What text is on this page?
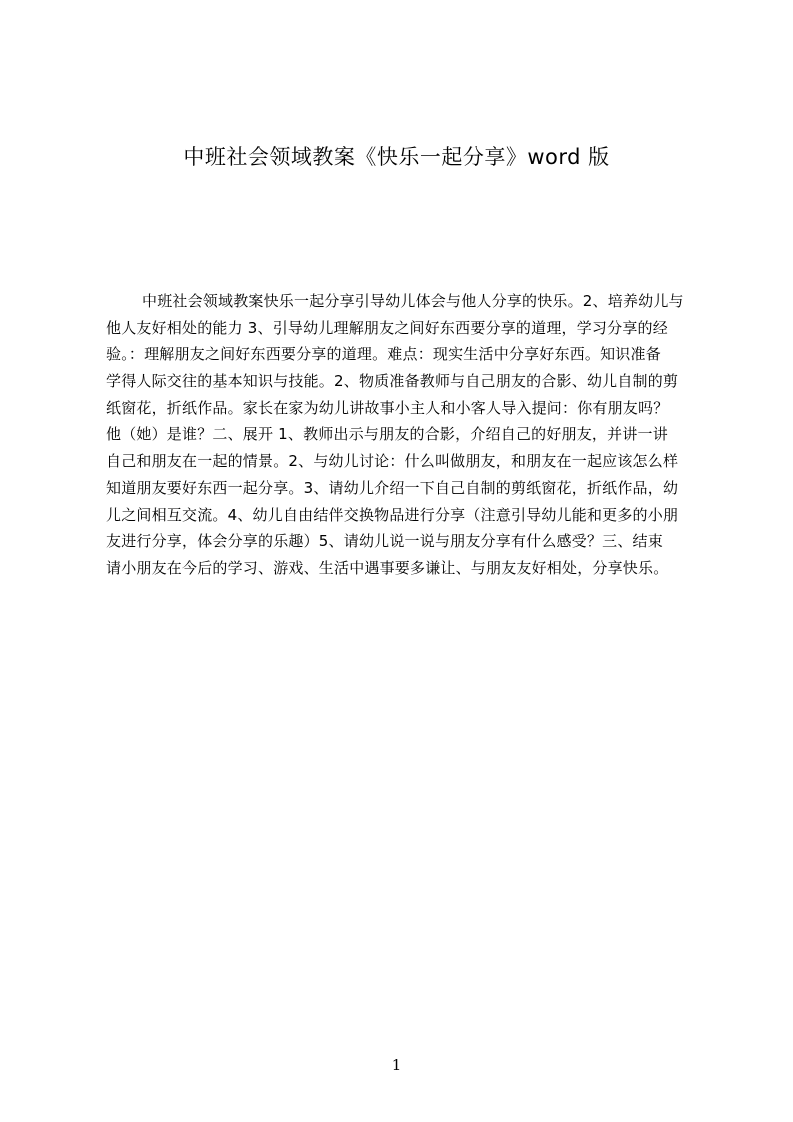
中班社会领域教案《快乐一起分享》word 版
中班社会领域教案快乐一起分享引导幼儿体会与他人分享的快乐。2、培养幼儿与
他人友好相处的能力 3、引导幼儿理解朋友之间好东西要分享的道理，学习分享的经
验。：理解朋友之间好东西要分享的道理。难点：现实生活中分享好东西。知识准备
学得人际交往的基本知识与技能。2、物质准备教师与自己朋友的合影、幼儿自制的剪
纸窗花，折纸作品。家长在家为幼儿讲故事小主人和小客人导入提问：你有朋友吗？
他（她）是谁？二、展开 1、教师出示与朋友的合影，介绍自己的好朋友，并讲一讲
自己和朋友在一起的情景。2、与幼儿讨论：什么叫做朋友，和朋友在一起应该怎么样
知道朋友要好东西一起分享。3、请幼儿介绍一下自己自制的剪纸窗花，折纸作品，幼
儿之间相互交流。4、幼儿自由结伴交换物品进行分享（注意引导幼儿能和更多的小朋
友进行分享，体会分享的乐趣）5、请幼儿说一说与朋友分享有什么感受？三、结束
请小朋友在今后的学习、游戏、生活中遇事要多谦让、与朋友友好相处，分享快乐。
1
